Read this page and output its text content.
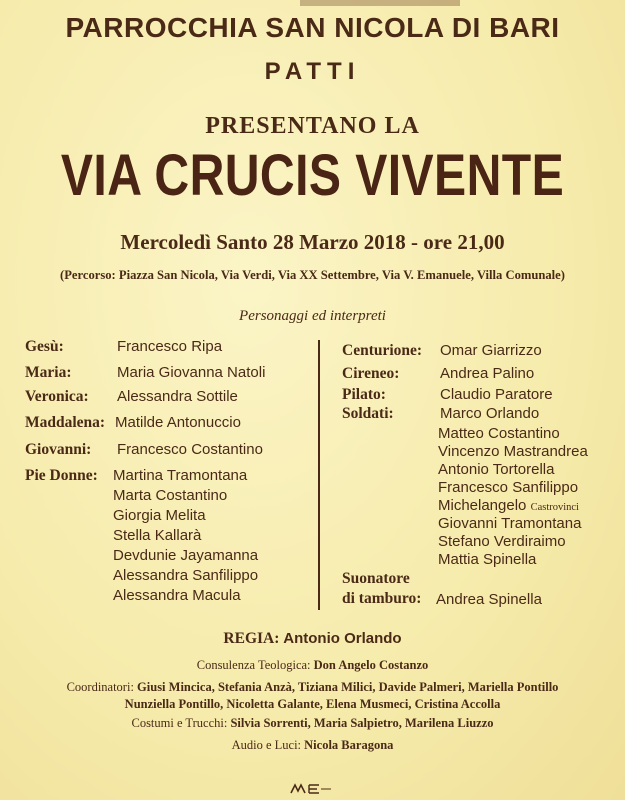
PARROCCHIA SAN NICOLA DI BARI
PATTI
PRESENTANO LA
VIA CRUCIS VIVENTE
Mercoledì Santo 28 Marzo 2018 - ore 21,00
(Percorso: Piazza San Nicola, Via Verdi, Via XX Settembre, Via V. Emanuele, Villa Comunale)
Personaggi ed interpreti
Gesù:	Francesco Ripa
Maria:	Maria Giovanna Natoli
Veronica: Alessandra Sottile
Maddalena: Matilde Antonuccio
Giovanni: Francesco Costantino
Pie Donne: Martina Tramontana
Marta Costantino
Giorgia Melita
Stella Kallarà
Devdunie Jayamanna
Alessandra Sanfilippo
Alessandra Macula
Centurione: Omar Giarrizzo
Cireneo:	Andrea Palino
Pilato:	Claudio Paratore
Soldati:	Marco Orlando
Matteo Costantino
Vincenzo Mastrandrea
Antonio Tortorella
Francesco Sanfilippo
Michelangelo Castrovinci
Giovanni Tramontana
Stefano Verdiraimo
Mattia Spinella
Suonatore
di tamburo: Andrea Spinella
REGIA: Antonio Orlando
Consulenza Teologica: Don Angelo Costanzo
Coordinatori: Giusi Mincica, Stefania Anzà, Tiziana Milici, Davide Palmeri, Mariella Pontillo
Nunziella Pontillo, Nicoletta Galante, Elena Musmeci, Cristina Accolla
Costumi e Trucchi: Silvia Sorrenti, Maria Salpietro, Marilena Liuzzo
Audio e Luci: Nicola Baragona
